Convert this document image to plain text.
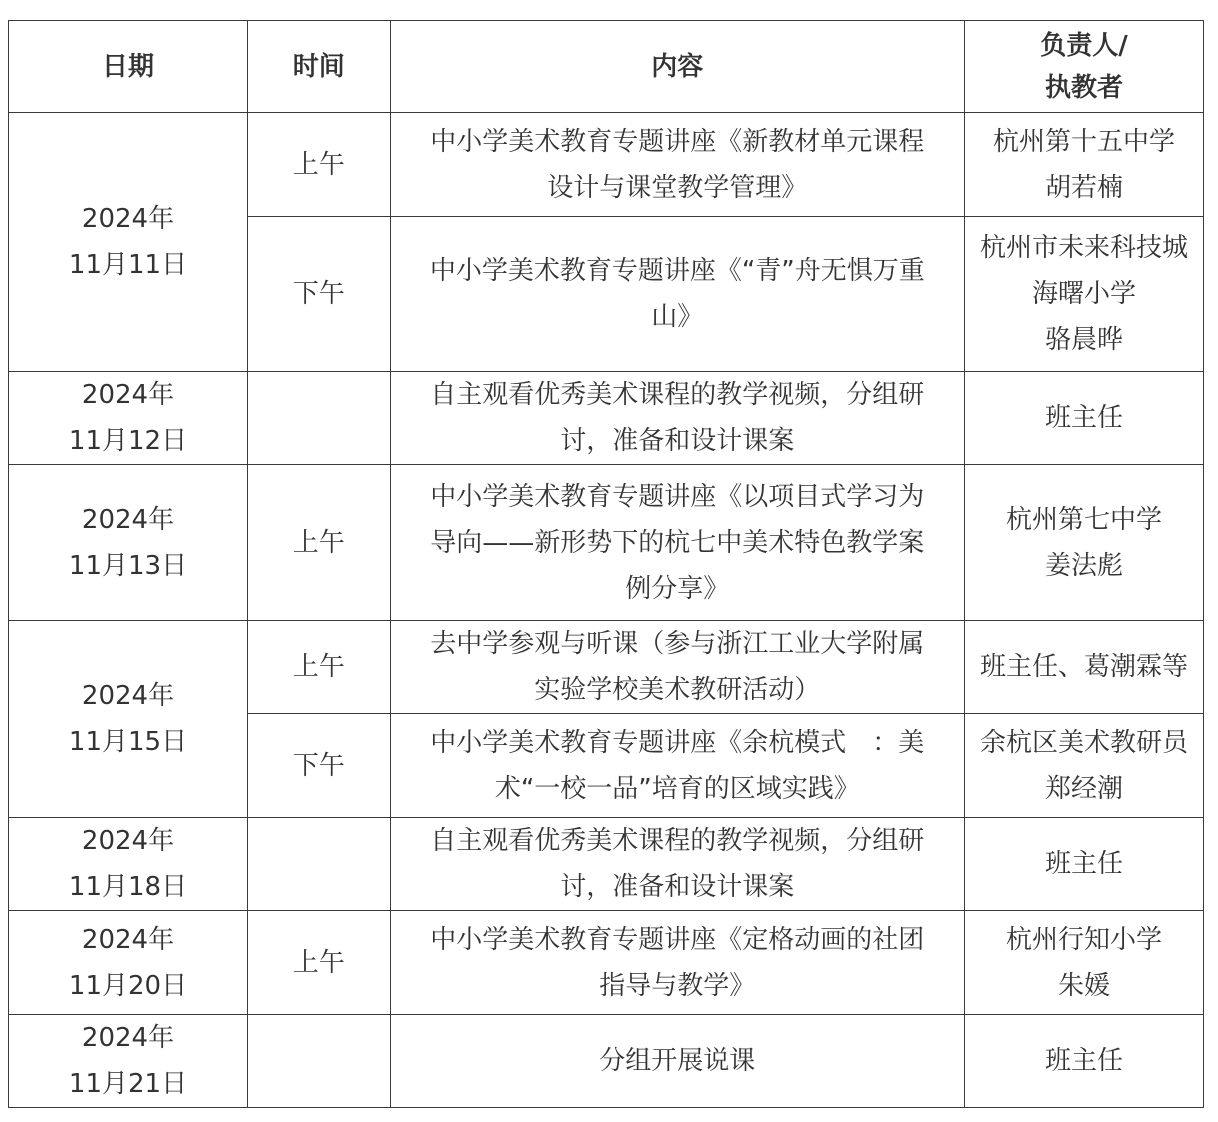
日期	时间	内容	负责人/
执教者

2024年
11月11日	上午	中小学美术教育专题讲座《新教材单元课程
设计与课堂教学管理》	杭州第十五中学
胡若楠

	下午	中小学美术教育专题讲座《“青”舟无惧万重
山》	杭州市未来科技城
海曙小学
骆晨晔

2024年
11月12日		自主观看优秀美术课程的教学视频，分组研
讨，准备和设计课案	班主任

2024年
11月13日	上午	中小学美术教育专题讲座《以项目式学习为
导向——新形势下的杭七中美术特色教学案
例分享》	杭州第七中学
姜法彪

2024年
11月15日	上午	去中学参观与听课（参与浙江工业大学附属
实验学校美术教研活动）	班主任、葛潮霖等

	下午	中小学美术教育专题讲座《余杭模式　：美
术“一校一品”培育的区域实践》	余杭区美术教研员
郑经潮

2024年
11月18日		自主观看优秀美术课程的教学视频，分组研
讨，准备和设计课案	班主任

2024年
11月20日	上午	中小学美术教育专题讲座《定格动画的社团
指导与教学》	杭州行知小学
朱媛

2024年
11月21日		分组开展说课	班主任
